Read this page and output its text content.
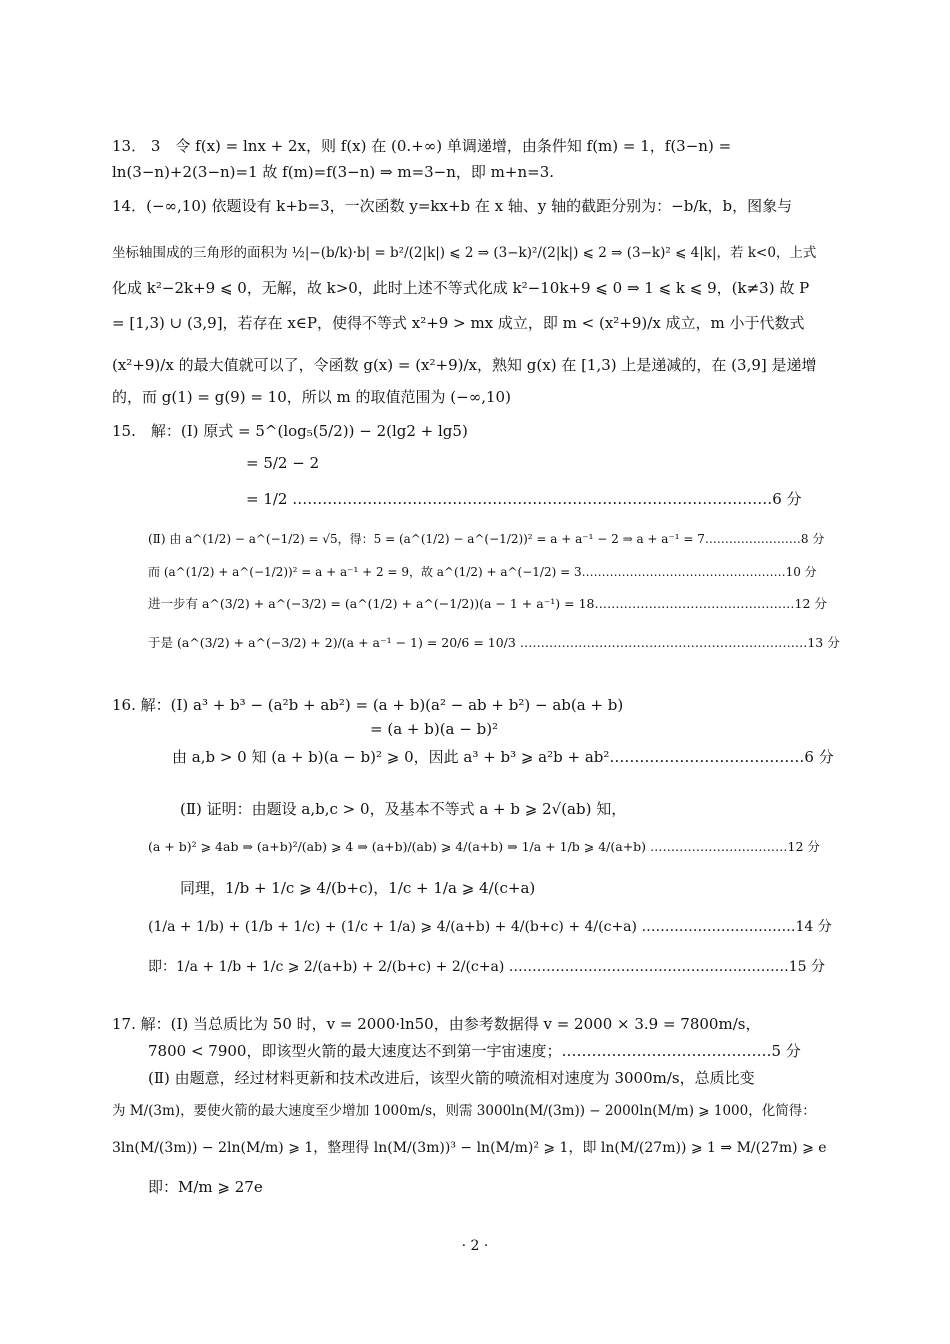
13． 3　令 f(x) = lnx + 2x，则 f(x) 在 (0.+∞) 单调递增，由条件知 f(m) = 1，f(3−n) =
ln(3−n)+2(3−n)=1 故 f(m)=f(3−n) ⇒ m=3−n，即 m+n=3.
14．(−∞,10) 依题设有 k+b=3，一次函数 y=kx+b 在 x 轴、y 轴的截距分别为：−b/k，b，图象与
坐标轴围成的三角形的面积为 ½|−(b/k)·b| = b²/(2|k|) ⩽ 2 ⇒ (3−k)²/(2|k|) ⩽ 2 ⇒ (3−k)² ⩽ 4|k|，若 k<0，上式
化成 k²−2k+9 ⩽ 0，无解，故 k>0，此时上述不等式化成 k²−10k+9 ⩽ 0 ⇒ 1 ⩽ k ⩽ 9，(k≠3) 故 P
= [1,3) ∪ (3,9]，若存在 x∈P，使得不等式 x²+9 > mx 成立，即 m < (x²+9)/x 成立，m 小于代数式
(x²+9)/x 的最大值就可以了，令函数 g(x) = (x²+9)/x，熟知 g(x) 在 [1,3) 上是递减的，在 (3,9] 是递增
的，而 g(1) = g(9) = 10，所以 m 的取值范围为 (−∞,10)
15.　解：(I) 原式 = 5^(log₅(5/2)) − 2(lg2 + lg5)
= 5/2 − 2
= 1/2 ……………………………………………………………………………………6 分
(Ⅱ) 由 a^(1/2) − a^(−1/2) = √5，得：5 = (a^(1/2) − a^(−1/2))² = a + a⁻¹ − 2 ⇒ a + a⁻¹ = 7……………………8 分
而 (a^(1/2) + a^(−1/2))² = a + a⁻¹ + 2 = 9，故 a^(1/2) + a^(−1/2) = 3……………………………………………10 分
进一步有 a^(3/2) + a^(−3/2) = (a^(1/2) + a^(−1/2))(a − 1 + a⁻¹) = 18…………………………………………12 分
于是 (a^(3/2) + a^(−3/2) + 2)/(a + a⁻¹ − 1) = 20/6 = 10/3 ……………………………………………………………13 分
16. 解：(I) a³ + b³ − (a²b + ab²) = (a + b)(a² − ab + b²) − ab(a + b)
= (a + b)(a − b)²
由 a,b > 0 知 (a + b)(a − b)² ⩾ 0，因此 a³ + b³ ⩾ a²b + ab²…………………………………6 分
(Ⅱ) 证明：由题设 a,b,c > 0，及基本不等式 a + b ⩾ 2√(ab) 知，
(a + b)² ⩾ 4ab ⇒ (a+b)²/(ab) ⩾ 4 ⇒ (a+b)/(ab) ⩾ 4/(a+b) ⇒ 1/a + 1/b ⩾ 4/(a+b) ……………………………12 分
同理，1/b + 1/c ⩾ 4/(b+c)，1/c + 1/a ⩾ 4/(c+a)
(1/a + 1/b) + (1/b + 1/c) + (1/c + 1/a) ⩾ 4/(a+b) + 4/(b+c) + 4/(c+a) ……………………………14 分
即：1/a + 1/b + 1/c ⩾ 2/(a+b) + 2/(b+c) + 2/(c+a) ……………………………………………………15 分
17. 解：(I) 当总质比为 50 时，v = 2000·ln50，由参考数据得 v = 2000 × 3.9 = 7800m/s，
7800 < 7900，即该型火箭的最大速度达不到第一宇宙速度；……………………………………5 分
(Ⅱ) 由题意，经过材料更新和技术改进后，该型火箭的喷流相对速度为 3000m/s，总质比变
为 M/(3m)，要使火箭的最大速度至少增加 1000m/s，则需 3000ln(M/(3m)) − 2000ln(M/m) ⩾ 1000，化简得：
3ln(M/(3m)) − 2ln(M/m) ⩾ 1，整理得 ln(M/(3m))³ − ln(M/m)² ⩾ 1，即 ln(M/(27m)) ⩾ 1 ⇒ M/(27m) ⩾ e
即：M/m ⩾ 27e
· 2 ·
